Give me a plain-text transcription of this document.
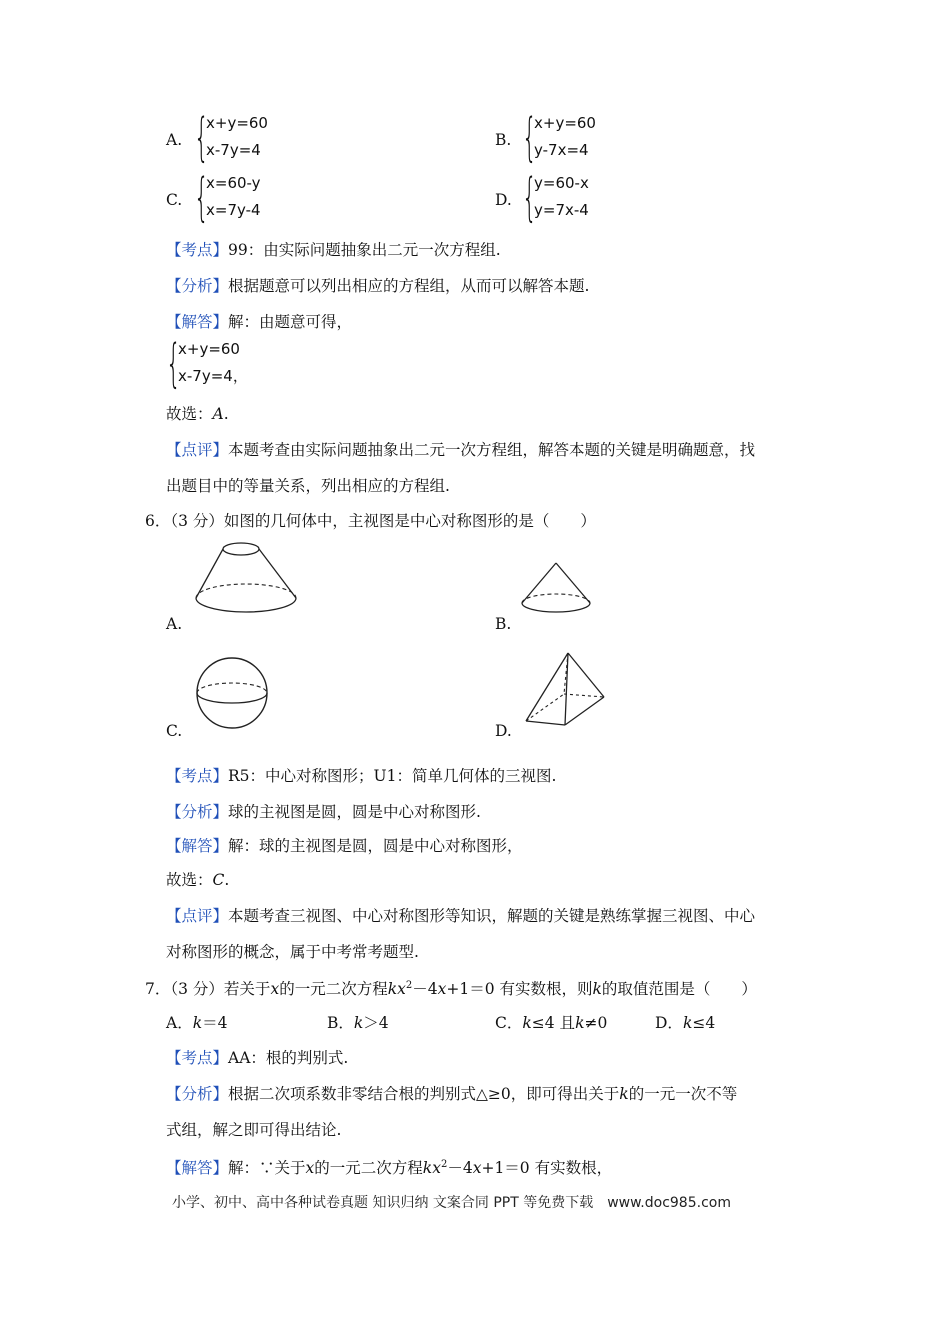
A. {
x+y=60
x-7y=4
B. {
x+y=60
y-7x=4
C. {
x=60-y
x=7y-4
D. {
y=60-x
y=7x-4
【考点】99：由实际问题抽象出二元一次方程组.
【分析】根据题意可以列出相应的方程组，从而可以解答本题.
【解答】解：由题意可得，
{
x+y=60
x-7y=4，
故选：A.
【点评】本题考查由实际问题抽象出二元一次方程组，解答本题的关键是明确题意，找
出题目中的等量关系，列出相应的方程组.
6．（3 分）如图的几何体中，主视图是中心对称图形的是（　　）
A.	B.
C.	D.
【考点】R5：中心对称图形；U1：简单几何体的三视图.
【分析】球的主视图是圆，圆是中心对称图形.
【解答】解：球的主视图是圆，圆是中心对称图形，
故选：C.
【点评】本题考查三视图、中心对称图形等知识，解题的关键是熟练掌握三视图、中心
对称图形的概念，属于中考常考题型.
7．（3 分）若关于x的一元二次方程$kx^2-4x+1=0$ 有实数根，则k的取值范围是（　　）
A．k＝4	B．k＞4	C．k≤4 且k≠0	D．k≤4
【考点】AA：根的判别式.
【分析】根据二次项系数非零结合根的判别式△≥0，即可得出关于k的一元一次不等
式组，解之即可得出结论.
【解答】解：∵关于x的一元二次方程$kx^2-4x+1=0$ 有实数根，
小学、初中、高中各种试卷真题 知识归纳 文案合同 PPT 等免费下载　www.doc985.com
